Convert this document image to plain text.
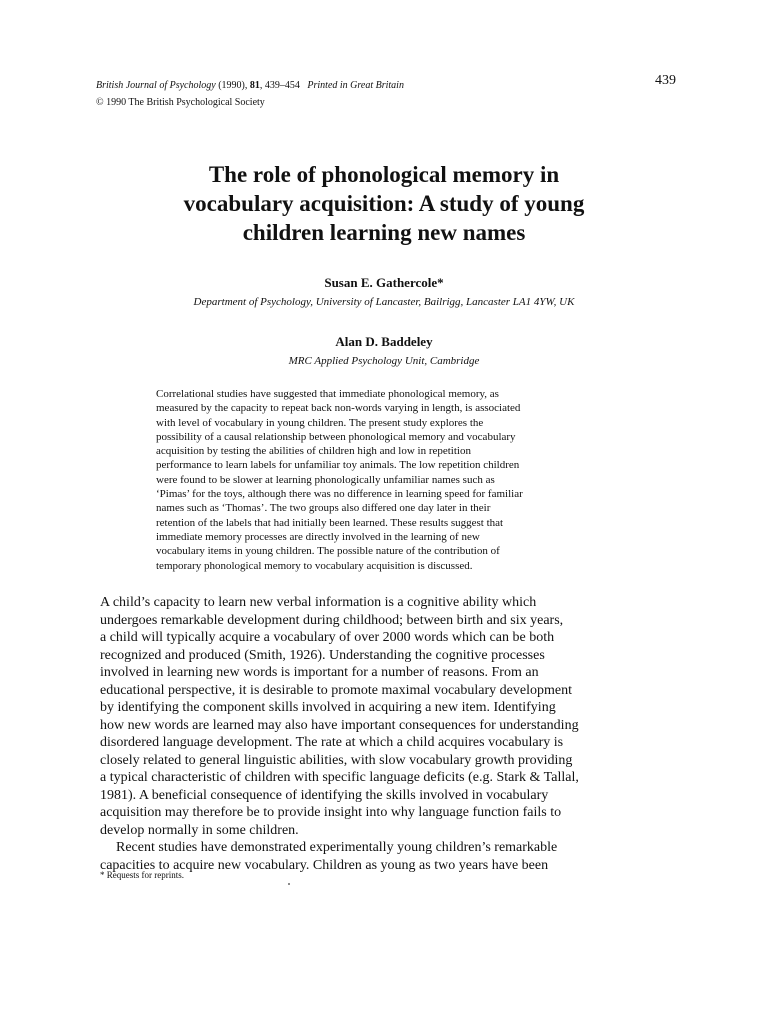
British Journal of Psychology (1990), 81, 439–454 Printed in Great Britain
© 1990 The British Psychological Society
439
The role of phonological memory in
vocabulary acquisition: A study of young
children learning new names
Susan E. Gathercole*
Department of Psychology, University of Lancaster, Bailrigg, Lancaster LA1 4YW, UK
Alan D. Baddeley
MRC Applied Psychology Unit, Cambridge
Correlational studies have suggested that immediate phonological memory, as
measured by the capacity to repeat back non-words varying in length, is associated
with level of vocabulary in young children. The present study explores the
possibility of a causal relationship between phonological memory and vocabulary
acquisition by testing the abilities of children high and low in repetition
performance to learn labels for unfamiliar toy animals. The low repetition children
were found to be slower at learning phonologically unfamiliar names such as
‘Pimas’ for the toys, although there was no difference in learning speed for familiar
names such as ‘Thomas’. The two groups also differed one day later in their
retention of the labels that had initially been learned. These results suggest that
immediate memory processes are directly involved in the learning of new
vocabulary items in young children. The possible nature of the contribution of
temporary phonological memory to vocabulary acquisition is discussed.
A child’s capacity to learn new verbal information is a cognitive ability which
undergoes remarkable development during childhood; between birth and six years,
a child will typically acquire a vocabulary of over 2000 words which can be both
recognized and produced (Smith, 1926). Understanding the cognitive processes
involved in learning new words is important for a number of reasons. From an
educational perspective, it is desirable to promote maximal vocabulary development
by identifying the component skills involved in acquiring a new item. Identifying
how new words are learned may also have important consequences for understanding
disordered language development. The rate at which a child acquires vocabulary is
closely related to general linguistic abilities, with slow vocabulary growth providing
a typical characteristic of children with specific language deficits (e.g. Stark & Tallal,
1981). A beneficial consequence of identifying the skills involved in vocabulary
acquisition may therefore be to provide insight into why language function fails to
develop normally in some children.
Recent studies have demonstrated experimentally young children’s remarkable
capacities to acquire new vocabulary. Children as young as two years have been
* Requests for reprints.
